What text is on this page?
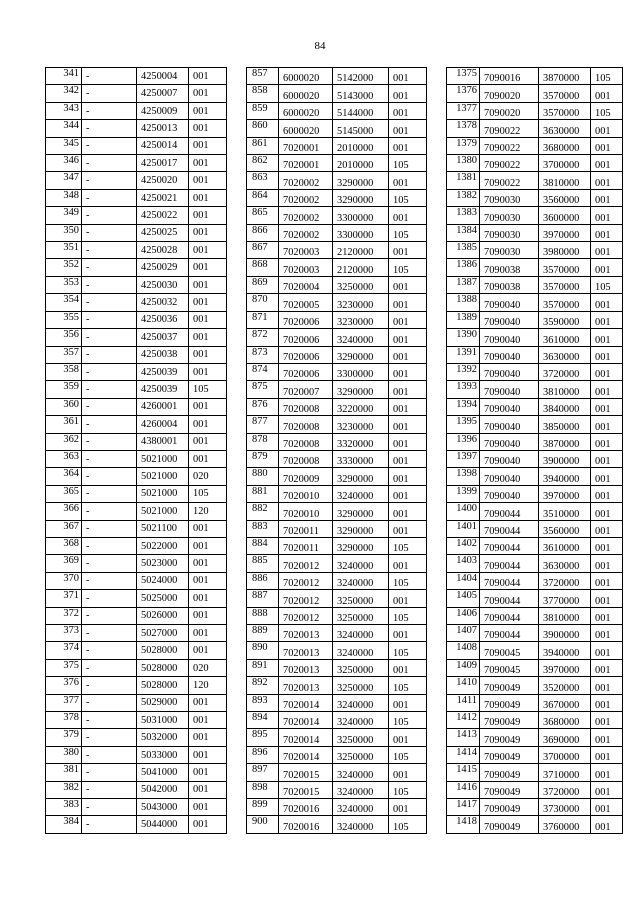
84
341	-	4250004	001
342	-	4250007	001
343	-	4250009	001
344	-	4250013	001
345	-	4250014	001
346	-	4250017	001
347	-	4250020	001
348	-	4250021	001
349	-	4250022	001
350	-	4250025	001
351	-	4250028	001
352	-	4250029	001
353	-	4250030	001
354	-	4250032	001
355	-	4250036	001
356	-	4250037	001
357	-	4250038	001
358	-	4250039	001
359	-	4250039	105
360	-	4260001	001
361	-	4260004	001
362	-	4380001	001
363	-	5021000	001
364	-	5021000	020
365	-	5021000	105
366	-	5021000	120
367	-	5021100	001
368	-	5022000	001
369	-	5023000	001
370	-	5024000	001
371	-	5025000	001
372	-	5026000	001
373	-	5027000	001
374	-	5028000	001
375	-	5028000	020
376	-	5028000	120
377	-	5029000	001
378	-	5031000	001
379	-	5032000	001
380	-	5033000	001
381	-	5041000	001
382	-	5042000	001
383	-	5043000	001
384	-	5044000	001
857	6000020	5142000	001
858	6000020	5143000	001
859	6000020	5144000	001
860	6000020	5145000	001
861	7020001	2010000	001
862	7020001	2010000	105
863	7020002	3290000	001
864	7020002	3290000	105
865	7020002	3300000	001
866	7020002	3300000	105
867	7020003	2120000	001
868	7020003	2120000	105
869	7020004	3250000	001
870	7020005	3230000	001
871	7020006	3230000	001
872	7020006	3240000	001
873	7020006	3290000	001
874	7020006	3300000	001
875	7020007	3290000	001
876	7020008	3220000	001
877	7020008	3230000	001
878	7020008	3320000	001
879	7020008	3330000	001
880	7020009	3290000	001
881	7020010	3240000	001
882	7020010	3290000	001
883	7020011	3290000	001
884	7020011	3290000	105
885	7020012	3240000	001
886	7020012	3240000	105
887	7020012	3250000	001
888	7020012	3250000	105
889	7020013	3240000	001
890	7020013	3240000	105
891	7020013	3250000	001
892	7020013	3250000	105
893	7020014	3240000	001
894	7020014	3240000	105
895	7020014	3250000	001
896	7020014	3250000	105
897	7020015	3240000	001
898	7020015	3240000	105
899	7020016	3240000	001
900	7020016	3240000	105
1375	7090016	3870000	105
1376	7090020	3570000	001
1377	7090020	3570000	105
1378	7090022	3630000	001
1379	7090022	3680000	001
1380	7090022	3700000	001
1381	7090022	3810000	001
1382	7090030	3560000	001
1383	7090030	3600000	001
1384	7090030	3970000	001
1385	7090030	3980000	001
1386	7090038	3570000	001
1387	7090038	3570000	105
1388	7090040	3570000	001
1389	7090040	3590000	001
1390	7090040	3610000	001
1391	7090040	3630000	001
1392	7090040	3720000	001
1393	7090040	3810000	001
1394	7090040	3840000	001
1395	7090040	3850000	001
1396	7090040	3870000	001
1397	7090040	3900000	001
1398	7090040	3940000	001
1399	7090040	3970000	001
1400	7090044	3510000	001
1401	7090044	3560000	001
1402	7090044	3610000	001
1403	7090044	3630000	001
1404	7090044	3720000	001
1405	7090044	3770000	001
1406	7090044	3810000	001
1407	7090044	3900000	001
1408	7090045	3940000	001
1409	7090045	3970000	001
1410	7090049	3520000	001
1411	7090049	3670000	001
1412	7090049	3680000	001
1413	7090049	3690000	001
1414	7090049	3700000	001
1415	7090049	3710000	001
1416	7090049	3720000	001
1417	7090049	3730000	001
1418	7090049	3760000	001
